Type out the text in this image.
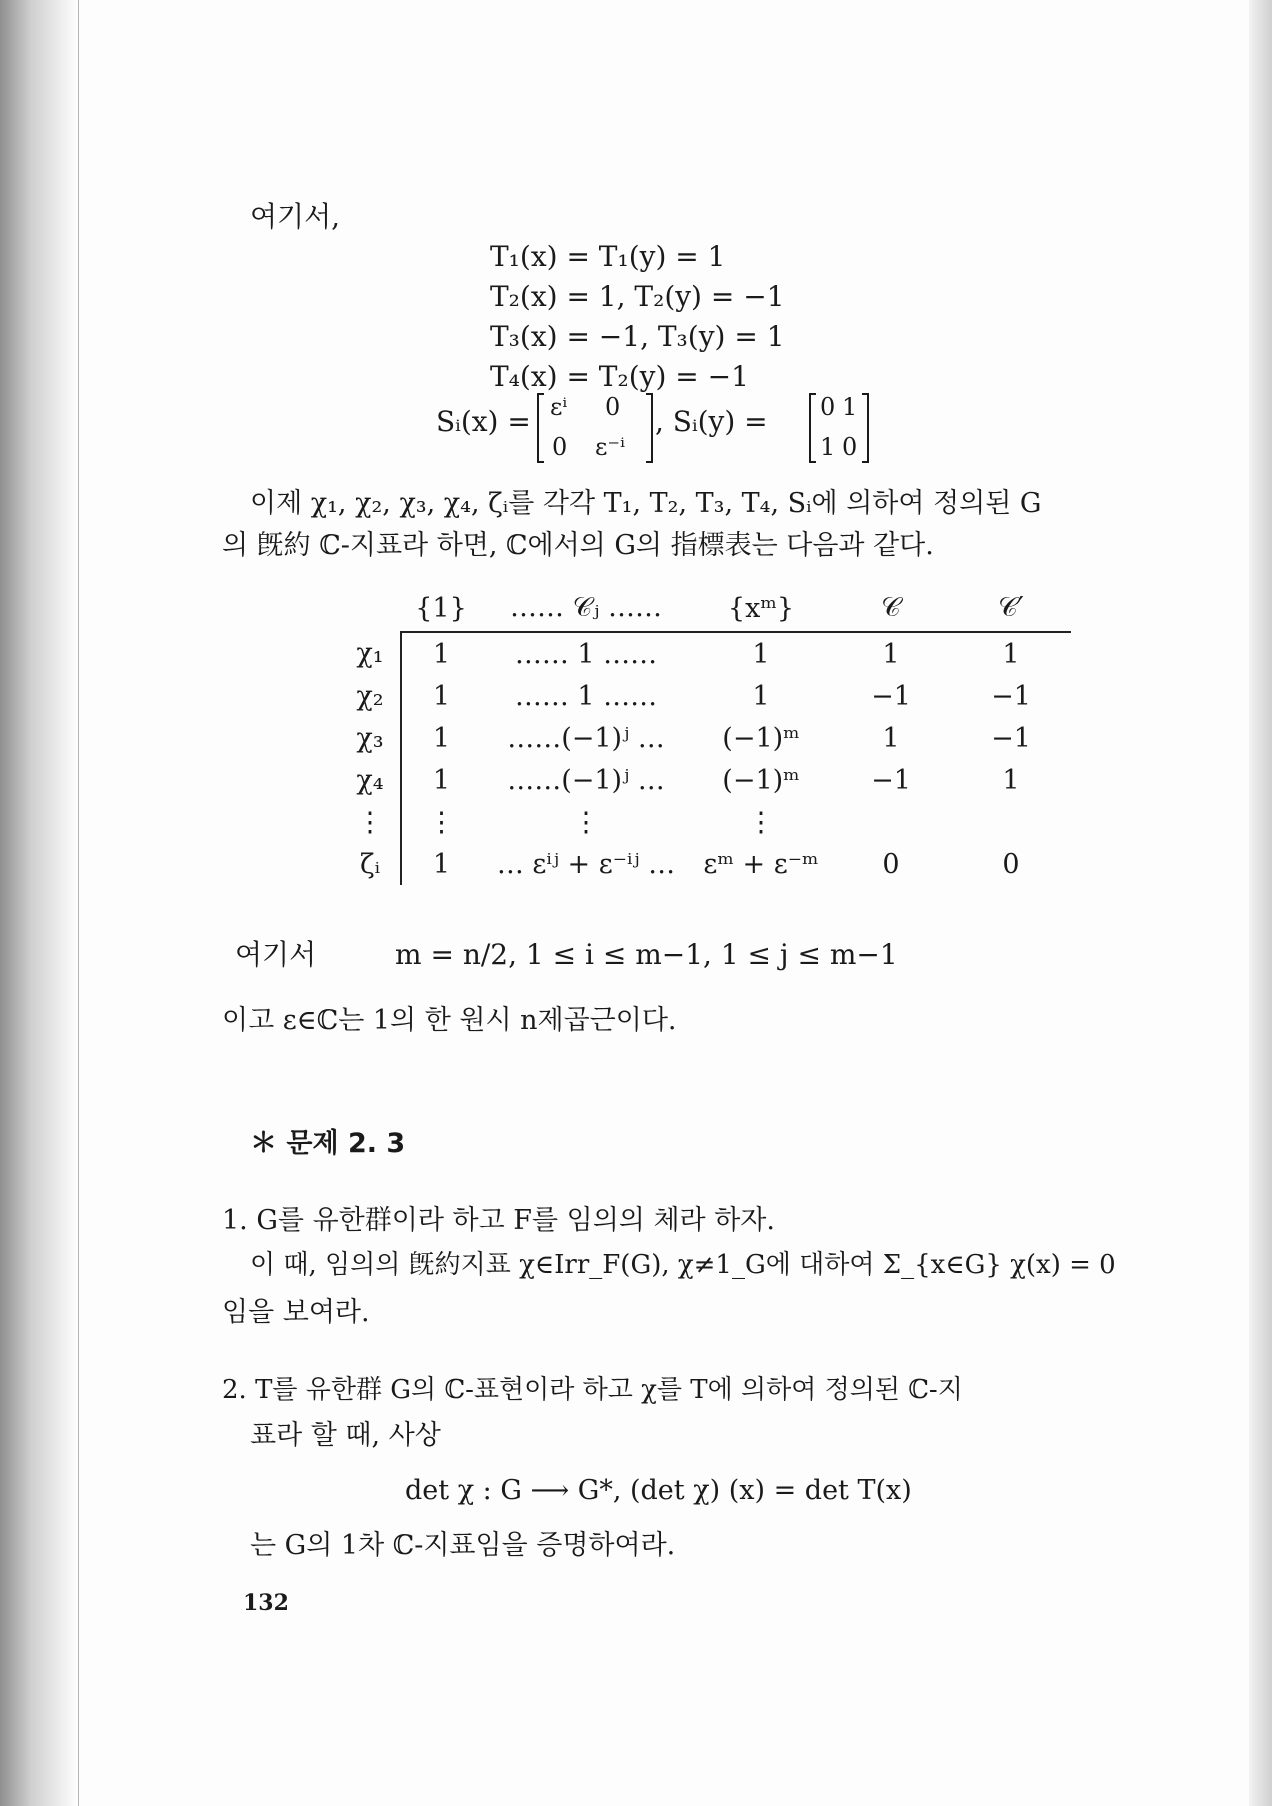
여기서,
T₁(x) = T₁(y) = 1
T₂(x) = 1, T₂(y) = −1
T₃(x) = −1, T₃(y) = 1
T₄(x) = T₂(y) = −1
Sᵢ(x) = εⁱ 0
0 ε⁻ⁱ
, Sᵢ(y) = 0 1
1 0
이제 χ₁, χ₂, χ₃, χ₄, ζᵢ를 각각 T₁, T₂, T₃, T₄, Sᵢ에 의하여 정의된 G
의 旣約 ℂ-지표라 하면, ℂ에서의 G의 指標表는 다음과 같다.
	{1}	…… 𝒞ⱼ ……	{xᵐ}	𝒞	𝒞′
χ₁	1	…… 1 ……	1	1	1
χ₂	1	…… 1 ……	1	−1	−1
χ₃	1	……(−1)ʲ …	(−1)ᵐ	1	−1
χ₄	1	……(−1)ʲ …	(−1)ᵐ	−1	1
⋮	⋮	⋮	⋮		
ζᵢ	1	… εⁱʲ + ε⁻ⁱʲ …	εᵐ + ε⁻ᵐ	0	0
여기서	m = n/2, 1 ≤ i ≤ m−1, 1 ≤ j ≤ m−1
이고 ε∈ℂ는 1의 한 원시 n제곱근이다.
＊ 문제 2. 3
1. G를 유한群이라 하고 F를 임의의 체라 하자.
이 때, 임의의 旣約지표 χ∈Irr_F(G), χ≠1_G에 대하여 Σ_{x∈G} χ(x) = 0
임을 보여라.
2. T를 유한群 G의 ℂ-표현이라 하고 χ를 T에 의하여 정의된 ℂ-지
표라 할 때, 사상
det χ : G ⟶ G*, (det χ) (x) = det T(x)
는 G의 1차 ℂ-지표임을 증명하여라.
132
